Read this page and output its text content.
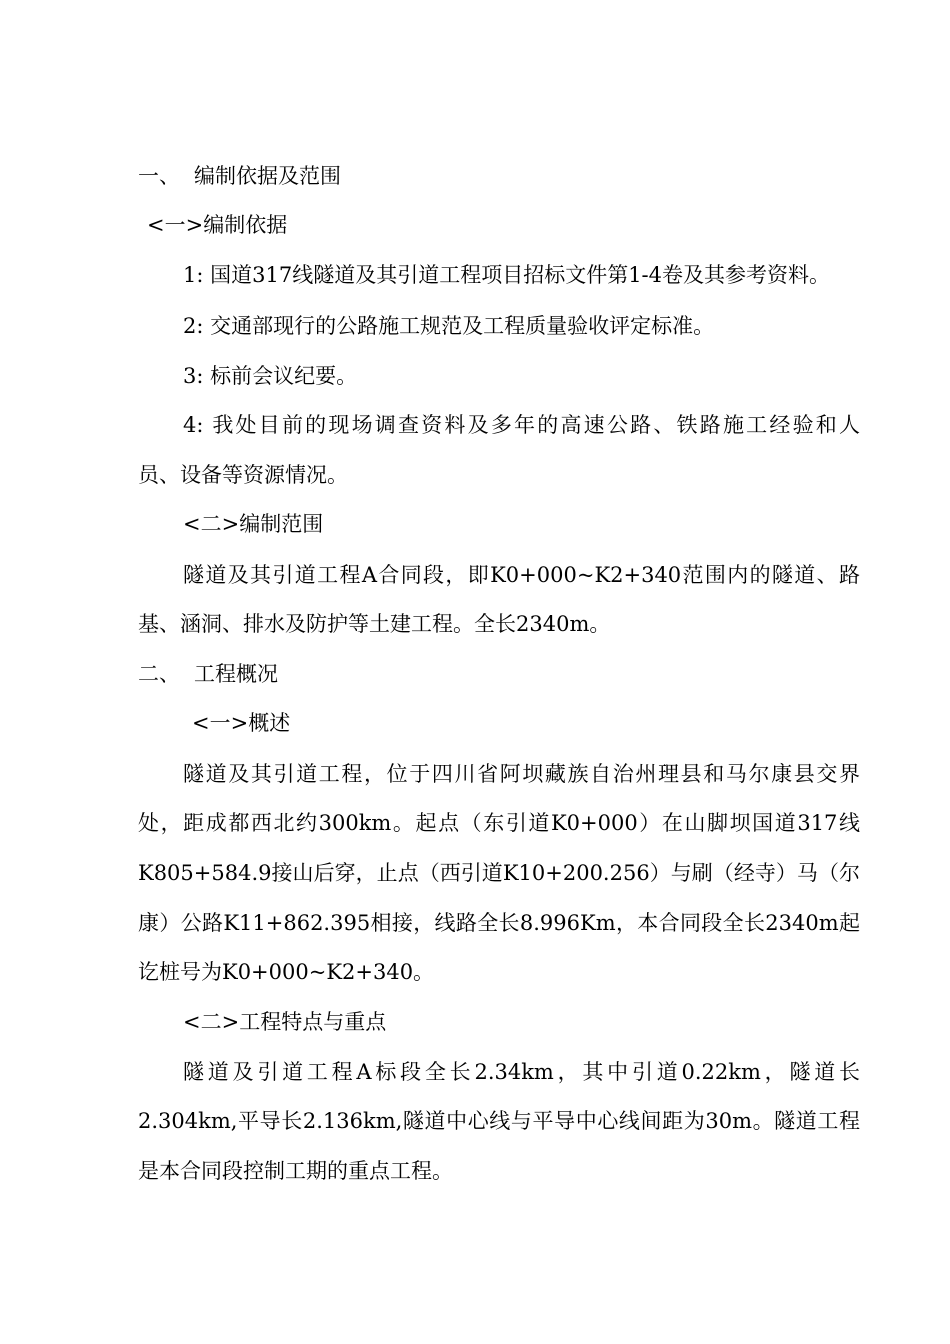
一、 编制依据及范围
<一>编制依据
1: 国道317线隧道及其引道工程项目招标文件第1-4卷及其参考资料。
2: 交通部现行的公路施工规范及工程质量验收评定标准。
3: 标前会议纪要。
4: 我处目前的现场调查资料及多年的高速公路、铁路施工经验和人
员、设备等资源情况。
<二>编制范围
隧道及其引道工程A合同段，即K0+000~K2+340范围内的隧道、路
基、涵洞、排水及防护等土建工程。全长2340m。
二、 工程概况
<一>概述
隧道及其引道工程，位于四川省阿坝藏族自治州理县和马尔康县交界
处，距成都西北约300km。起点（东引道K0+000）在山脚坝国道317线
K805+584.9接山后穿，止点（西引道K10+200.256）与刷（经寺）马（尔
康）公路K11+862.395相接，线路全长8.996Km，本合同段全长2340m起
讫桩号为K0+000~K2+340。
<二>工程特点与重点
隧道及引道工程A标段全长2.34km，其中引道0.22km，隧道长
2.304km,平导长2.136km,隧道中心线与平导中心线间距为30m。隧道工程
是本合同段控制工期的重点工程。
